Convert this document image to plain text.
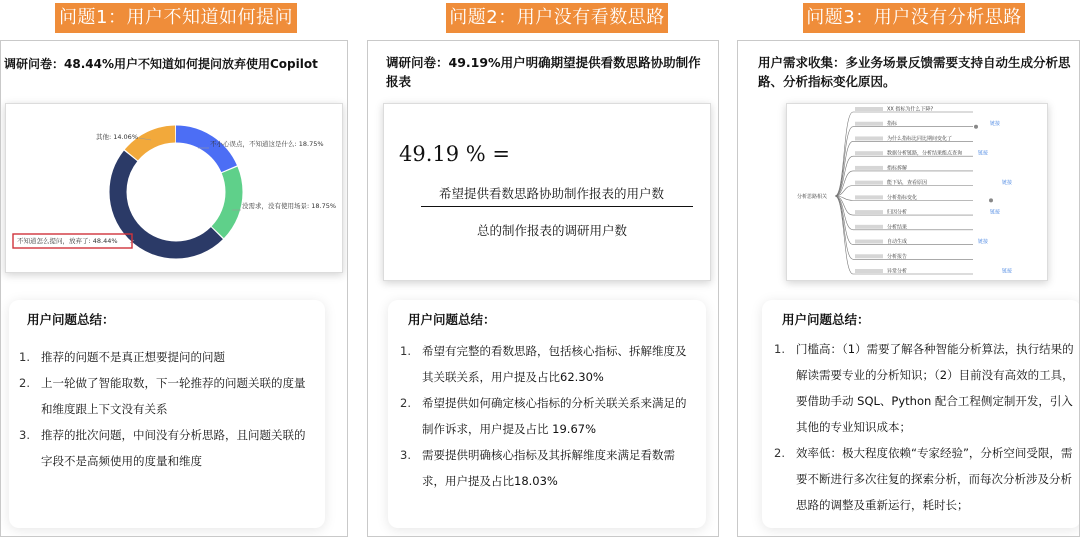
问题1：用户不知道如何提问	问题2：用户没有看数思路	问题3：用户没有分析思路
调研问卷：48.44%用户不知道如何提问放弃使用Copilot
不小心误点，不知道这是什么: 18.75%
没需求，没有使用场景: 18.75%
不知道怎么提问，放弃了: 48.44%
其他: 14.06%
用户问题总结：
1. 推荐的问题不是真正想要提问的问题
2. 上一轮做了智能取数，下一轮推荐的问题关联的度量和维度跟上下文没有关系
3. 推荐的批次问题，中间没有分析思路，且问题关联的字段不是高频使用的度量和维度
调研问卷：49.19%用户明确期望提供看数思路协助制作报表
49.19 % =
希望提供看数思路协助制作报表的用户数
总的制作报表的调研用户数
用户问题总结：
1. 希望有完整的看数思路，包括核心指标、拆解维度及其关联关系，用户提及占比62.30%
2. 希望提供如何确定核心指标的分析关联关系来满足的制作诉求，用户提及占比 19.67%
3. 需要提供明确核心指标及其拆解维度来满足看数需求，用户提及占比18.03%
用户需求收集：多业务场景反馈需要支持自动生成分析思路、分析指标变化原因。
分析思路相关
XX 指标为什么下降?
指标	链接
为什么指标比同比期间变化了
数据分析链路，分析结果能点查询	链接
指标拆解
能下钻，查看原因	链接
分析指标变化
归因分析	链接
分析结果
自动生成	链接
分析报告
异常分析	链接
用户问题总结：
1. 门槛高：（1）需要了解各种智能分析算法，执行结果的解读需要专业的分析知识；（2）目前没有高效的工具，要借助手动 SQL、Python 配合工程侧定制开发，引入其他的专业知识成本；
2. 效率低：极大程度依赖“专家经验”，分析空间受限，需要不断进行多次往复的探索分析，而每次分析涉及分析思路的调整及重新运行，耗时长；
